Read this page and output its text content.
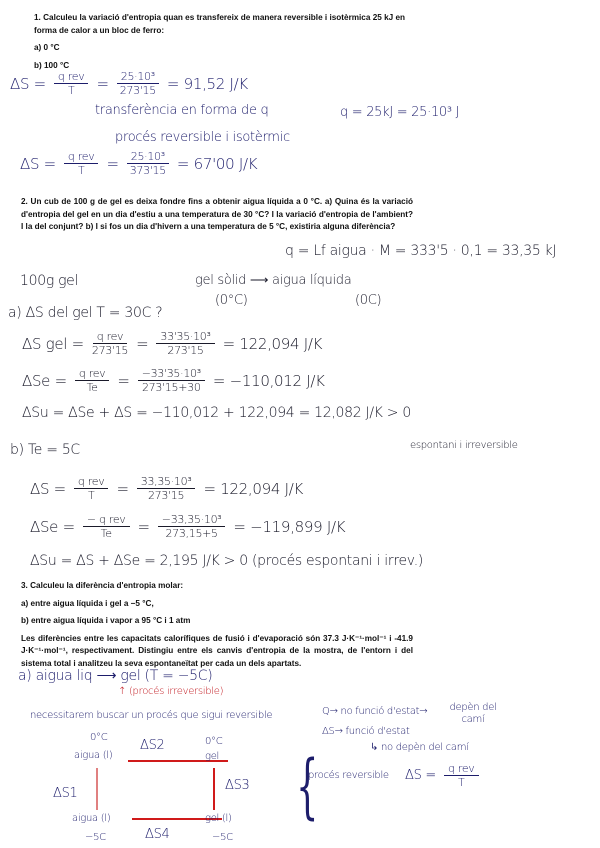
1. Calculeu la variació d'entropia quan es transfereix de manera reversible i isotèrmica 25 kJ en forma de calor a un bloc de ferro:

a) 0 °C

b) 100 °C

$\Delta S = \frac{\text{q rev}}{T} = \frac{\text{25·10³}}{273'15} = 91,52$ J/K
transferència en forma de q	q = 25kJ = 25·10³ J
procés reversible i isotèrmic
$\Delta S = \frac{\text{q rev}}{T} = \frac{\text{25·10³}}{373'15} = 67'00$ J/K

2. Un cub de 100 g de gel es deixa fondre fins a obtenir aigua líquida a 0 °C. a) Quina és la variació d'entropia del gel en un dia d'estiu a una temperatura de 30 °C? I la variació d'entropia de l'ambient? I la del conjunt? b) I si fos un dia d'hivern a una temperatura de 5 °C, existiria alguna diferència?

q = Lf aigua · M = 333'5 · 0,1 = 33,35 kJ
100g gel	gel sòlid ⟶ aigua líquida
(0°C)	(0C)
a) ΔS del gel T = 30C ?
ΔS gel = $\frac{\text{q rev}}{273'15} = \frac{\text{33'35·10³}}{273'15} = 122,094$ J/K
$\Delta Se = \frac{\text{q rev}}{Te} = \frac{\text{−33'35·10³}}{273'15+30} = -110,012$ J/K
ΔSu = ΔSe + ΔS = −110,012 + 122,094 = 12,082 J/K > 0
espontani i irreversible
b) Te = 5C
$\Delta S = \frac{\text{q rev}}{T} = \frac{\text{33,35·10³}}{273'15} = 122,094$ J/K
$\Delta Se = \frac{\text{− q rev}}{Te} = \frac{\text{−33,35·10³}}{273,15+5} = -119,899$ J/K
ΔSu = ΔS + ΔSe = 2,195 J/K > 0 (procés espontani i irrev.)

3. Calculeu la diferència d'entropia molar:

a) entre aigua líquida i gel a −5 °C,

b) entre aigua líquida i vapor a 95 °C i 1 atm

Les diferències entre les capacitats calorífiques de fusió i d'evaporació són 37.3 J·K⁻¹·mol⁻¹ i -41.9 J·K⁻¹·mol⁻¹, respectivament. Distingiu entre els canvis d'entropia de la mostra, de l'entorn i del sistema total i analitzeu la seva espontaneïtat per cada un dels apartats.

a) aigua liq ⟶ gel (T = −5C)
↑ (procés irreversible)
necessitarem buscar un procés que sigui reversible	Q→ no funció d'estat→ depèn del camí
ΔS→ funció d'estat
↳ no depèn del camí
0°C
aigua (l)
ΔS2	0°C
gel
ΔS3
ΔS1
aigua (l)	gel (l)
ΔS4
−5C	−5C
{
procés reversible $\Delta S = \frac{\text{q rev}}{T}$
